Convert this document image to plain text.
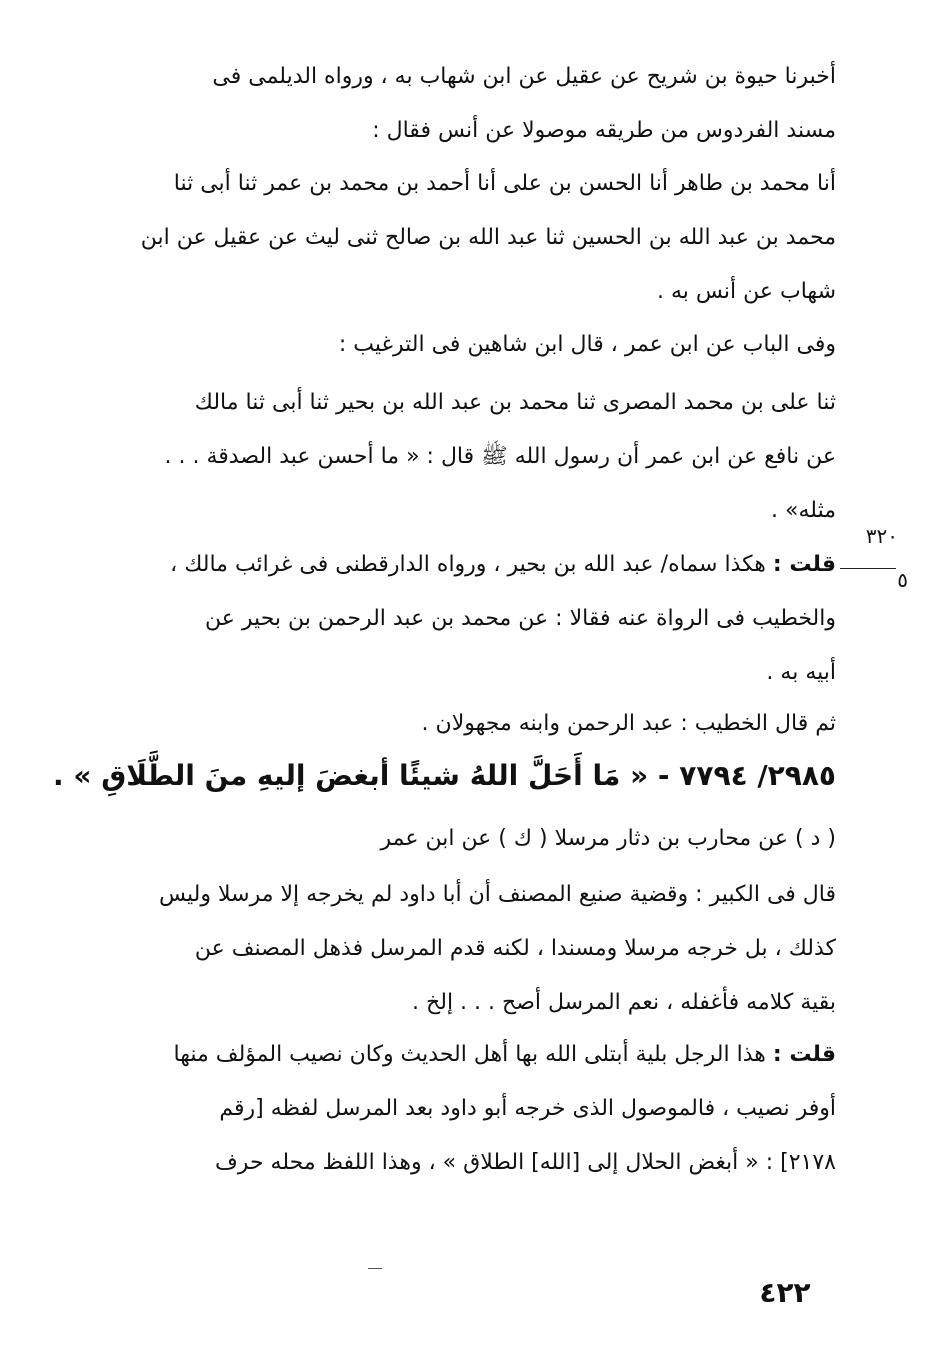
أخبرنا حيوة بن شريح عن عقيل عن ابن شهاب به ، ورواه الديلمى فى
مسند الفردوس من طريقه موصولا عن أنس فقال :
أنا محمد بن طاهر أنا الحسن بن على أنا أحمد بن محمد بن عمر ثنا أبى ثنا
محمد بن عبد الله بن الحسين ثنا عبد الله بن صالح ثنى ليث عن عقيل عن ابن
شهاب عن أنس به .
وفى الباب عن ابن عمر ، قال ابن شاهين فى الترغيب :
ثنا على بن محمد المصرى ثنا محمد بن عبد الله بن بحير ثنا أبى ثنا مالك
عن نافع عن ابن عمر أن رسول الله ﷺ قال : « ما أحسن عبد الصدقة . . .
مثله» .
٣٢٠
٥
قلت : هكذا سماه/ عبد الله بن بحير ، ورواه الدارقطنى فى غرائب مالك ،
والخطيب فى الرواة عنه فقالا : عن محمد بن عبد الرحمن بن بحير عن
أبيه به .
ثم قال الخطيب : عبد الرحمن وابنه مجهولان .
٢٩٨٥/ ٧٧٩٤ - « مَا أَحَلَّ اللهُ شيئًا أبغضَ إليهِ منَ الطَّلَاقِ » .
( د ) عن محارب بن دثار مرسلا ( ك ) عن ابن عمر
قال فى الكبير : وقضية صنيع المصنف أن أبا داود لم يخرجه إلا مرسلا وليس
كذلك ، بل خرجه مرسلا ومسندا ، لكنه قدم المرسل فذهل المصنف عن
بقية كلامه فأغفله ، نعم المرسل أصح . . . إلخ .
قلت : هذا الرجل بلية أبتلى الله بها أهل الحديث وكان نصيب المؤلف منها
أوفر نصيب ، فالموصول الذى خرجه أبو داود بعد المرسل لفظه [رقم
٢١٧٨] : « أبغض الحلال إلى [الله] الطلاق » ، وهذا اللفظ محله حرف
٤٢٢
